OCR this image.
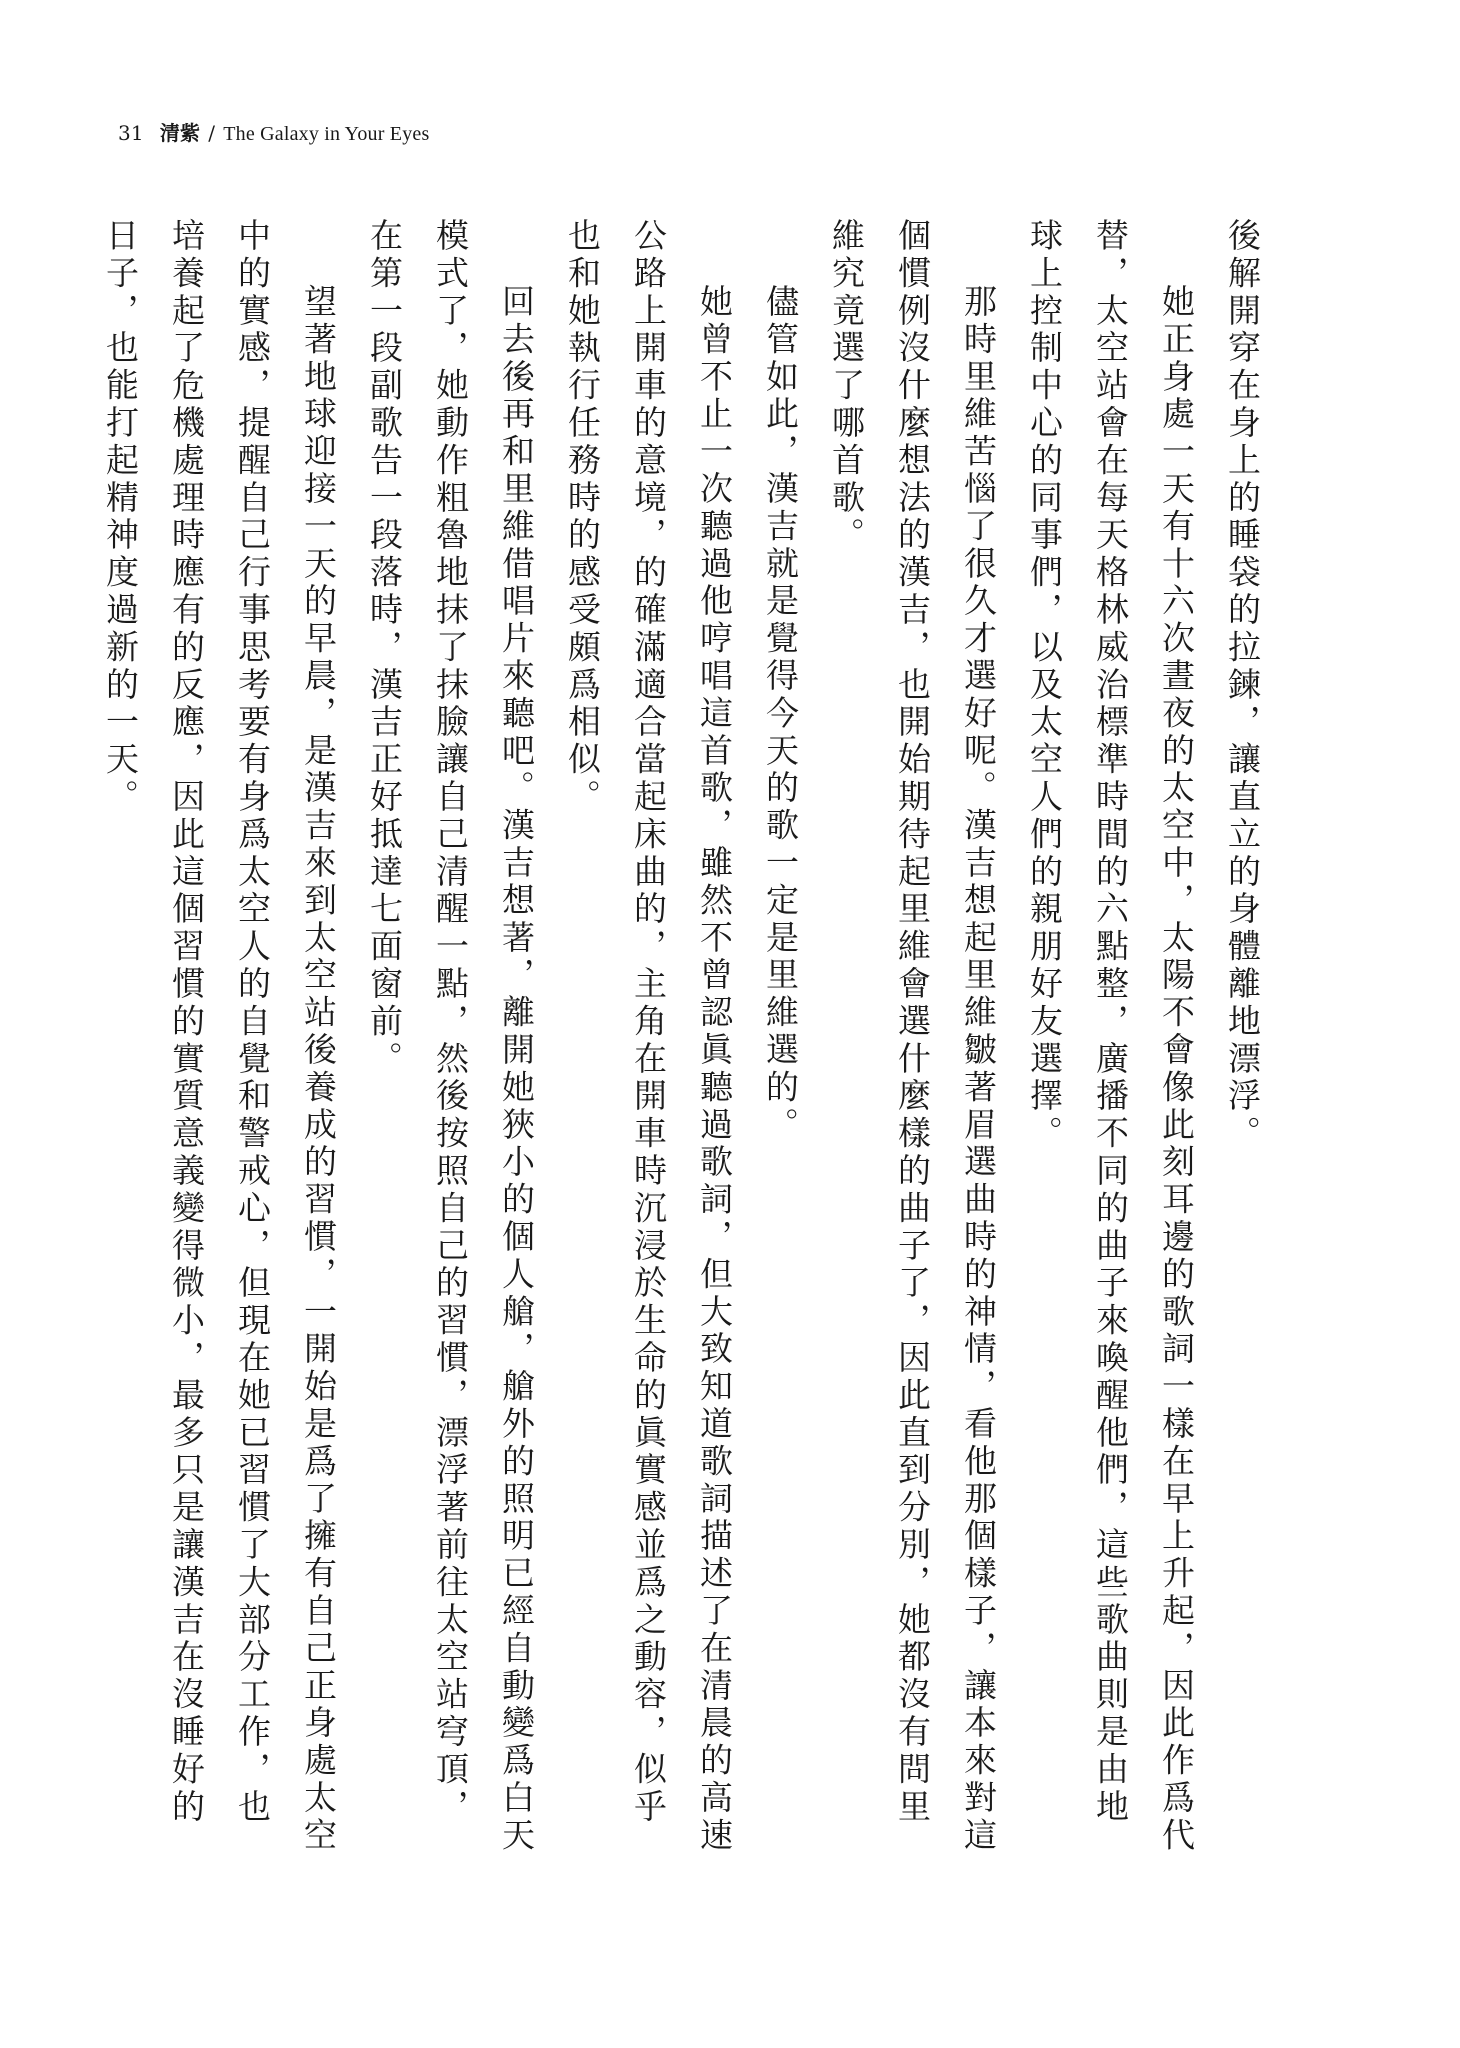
31 清紫 / The Galaxy in Your Eyes

後解開穿在身上的睡袋的拉鍊，讓直立的身體離地漂浮。

她正身處一天有十六次晝夜的太空中，太陽不會像此刻耳邊的歌詞一樣在早上升起，因此作爲代替，太空站會在每天格林威治標準時間的六點整，廣播不同的曲子來喚醒他們，這些歌曲則是由地球上控制中心的同事們，以及太空人們的親朋好友選擇。

那時里維苦惱了很久才選好呢。漢吉想起里維皺著眉選曲時的神情，看他那個樣子，讓本來對這個慣例沒什麼想法的漢吉，也開始期待起里維會選什麼樣的曲子了，因此直到分別，她都沒有問里維究竟選了哪首歌。

儘管如此，漢吉就是覺得今天的歌一定是里維選的。

她曾不止一次聽過他哼唱這首歌，雖然不曾認眞聽過歌詞，但大致知道歌詞描述了在清晨的高速公路上開車的意境，的確滿適合當起床曲的，主角在開車時沉浸於生命的眞實感並爲之動容，似乎也和她執行任務時的感受頗爲相似。

回去後再和里維借唱片來聽吧。漢吉想著，離開她狹小的個人艙，艙外的照明已經自動變爲白天模式了，她動作粗魯地抹了抹臉讓自己清醒一點，然後按照自己的習慣，漂浮著前往太空站穹頂，在第一段副歌告一段落時，漢吉正好抵達七面窗前。

望著地球迎接一天的早晨，是漢吉來到太空站後養成的習慣，一開始是爲了擁有自己正身處太空中的實感，提醒自己行事思考要有身爲太空人的自覺和警戒心，但現在她已習慣了大部分工作，也培養起了危機處理時應有的反應，因此這個習慣的實質意義變得微小，最多只是讓漢吉在沒睡好的日子，也能打起精神度過新的一天。
